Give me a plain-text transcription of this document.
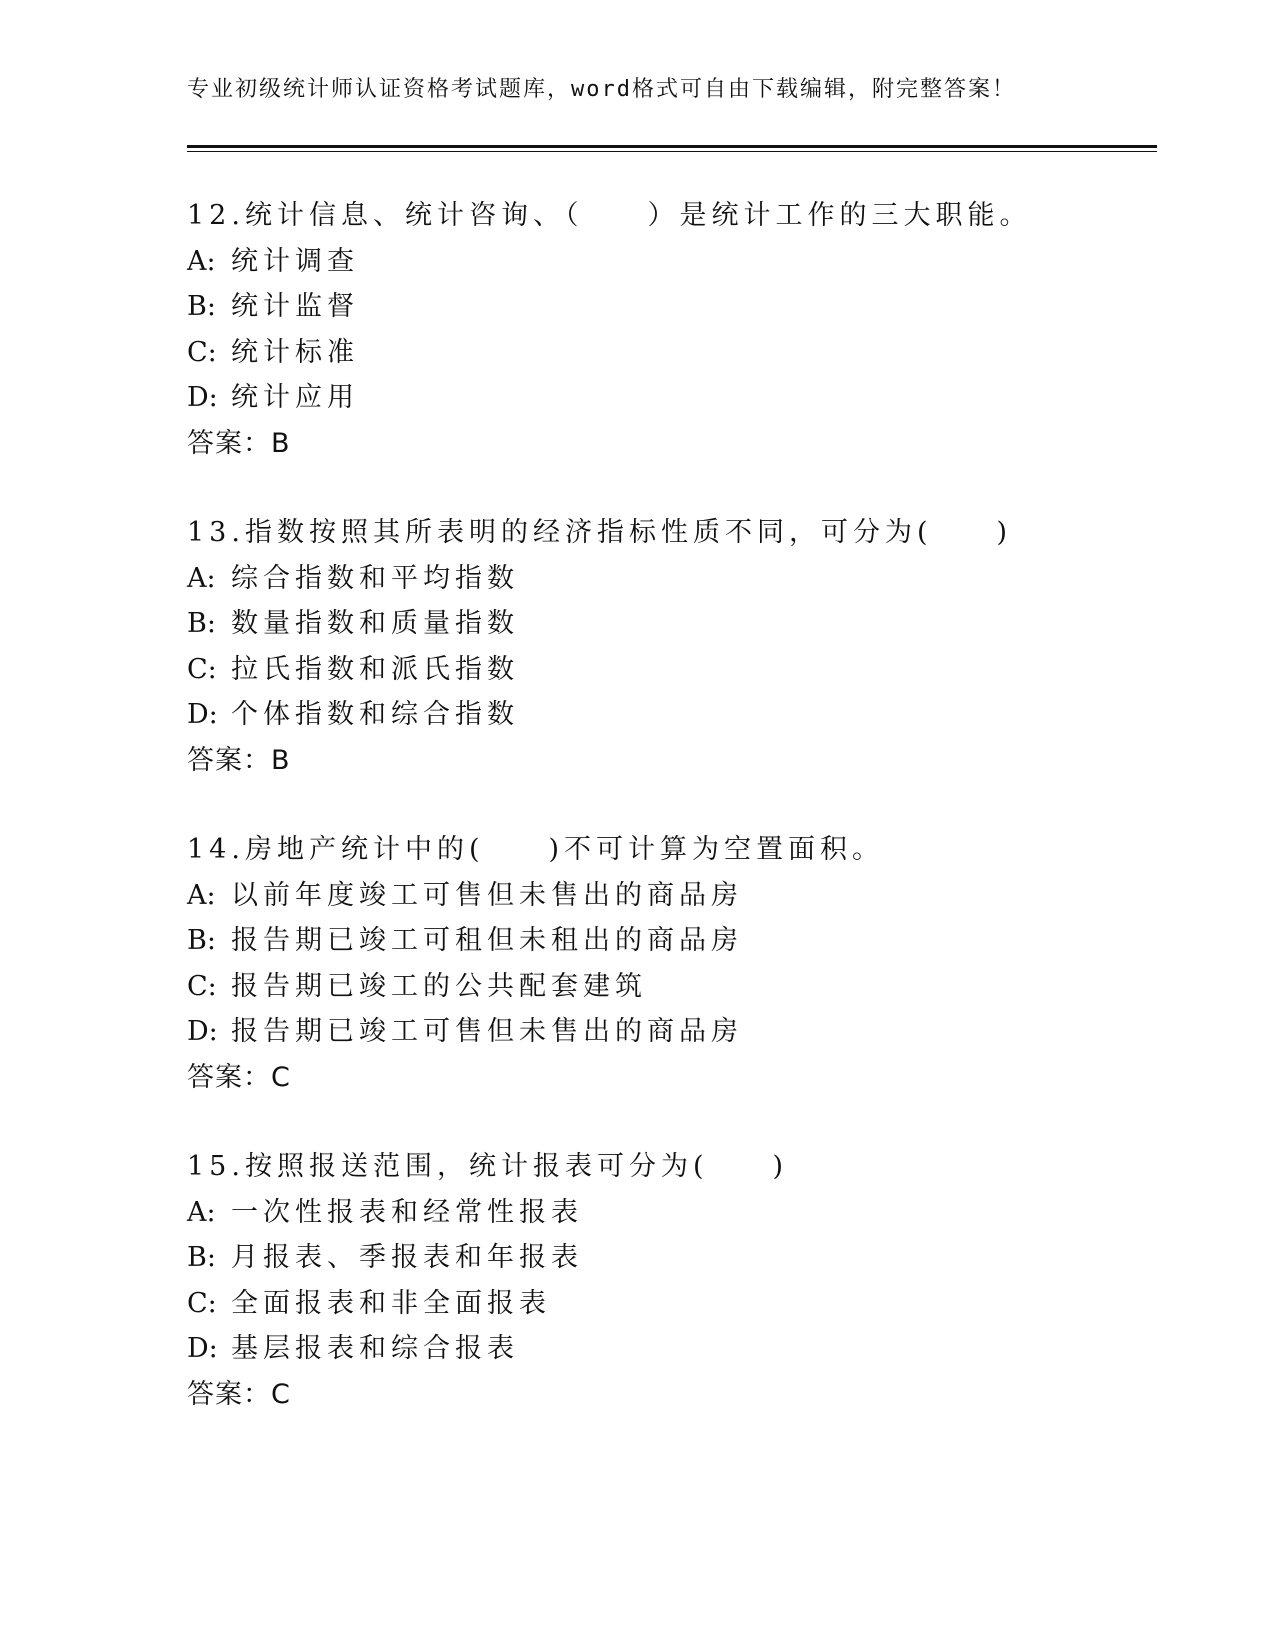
专业初级统计师认证资格考试题库，word格式可自由下载编辑，附完整答案！
12.统计信息、统计咨询、（　　）是统计工作的三大职能。
A: 统计调查
B: 统计监督
C: 统计标准
D: 统计应用
答案：B
13.指数按照其所表明的经济指标性质不同，可分为(　　)
A: 综合指数和平均指数
B: 数量指数和质量指数
C: 拉氏指数和派氏指数
D: 个体指数和综合指数
答案：B
14.房地产统计中的(　　)不可计算为空置面积。
A: 以前年度竣工可售但未售出的商品房
B: 报告期已竣工可租但未租出的商品房
C: 报告期已竣工的公共配套建筑
D: 报告期已竣工可售但未售出的商品房
答案：C
15.按照报送范围，统计报表可分为(　　)
A: 一次性报表和经常性报表
B: 月报表、季报表和年报表
C: 全面报表和非全面报表
D: 基层报表和综合报表
答案：C
